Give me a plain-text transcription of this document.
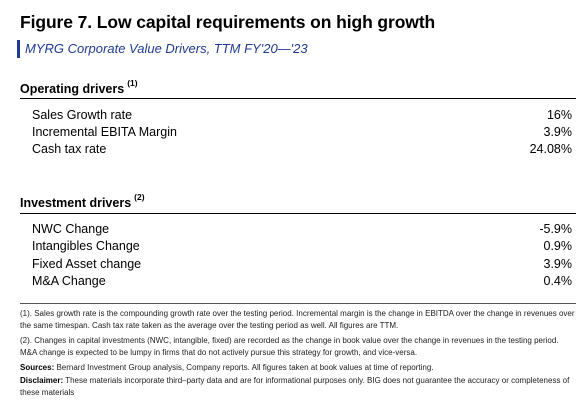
Figure 7. Low capital requirements on high growth
MYRG Corporate Value Drivers, TTM FY'20—'23
Operating drivers $^{(1)}$
Sales Growth rate	16%
Incremental EBITA Margin	3.9%
Cash tax rate	24.08%
Investment drivers $^{(2)}$
NWC Change	-5.9%
Intangibles Change	0.9%
Fixed Asset change	3.9%
M&A Change	0.4%
(1). Sales growth rate is the compounding growth rate over the testing period. Incremental margin is the change in EBITDA over the change in revenues over the same timespan. Cash tax rate taken as the average over the testing period as well. All figures are TTM.
(2). Changes in capital investments (NWC, intangible, fixed) are recorded as the change in book value over the change in revenues in the testing period. M&A change is expected to be lumpy in firms that do not actively pursue this strategy for growth, and vice-versa.
Sources: Bernard Investment Group analysis, Company reports. All figures taken at book values at time of reporting.
Disclaimer: These materials incorporate third–party data and are for informational purposes only. BIG does not guarantee the accuracy or completeness of these materials
